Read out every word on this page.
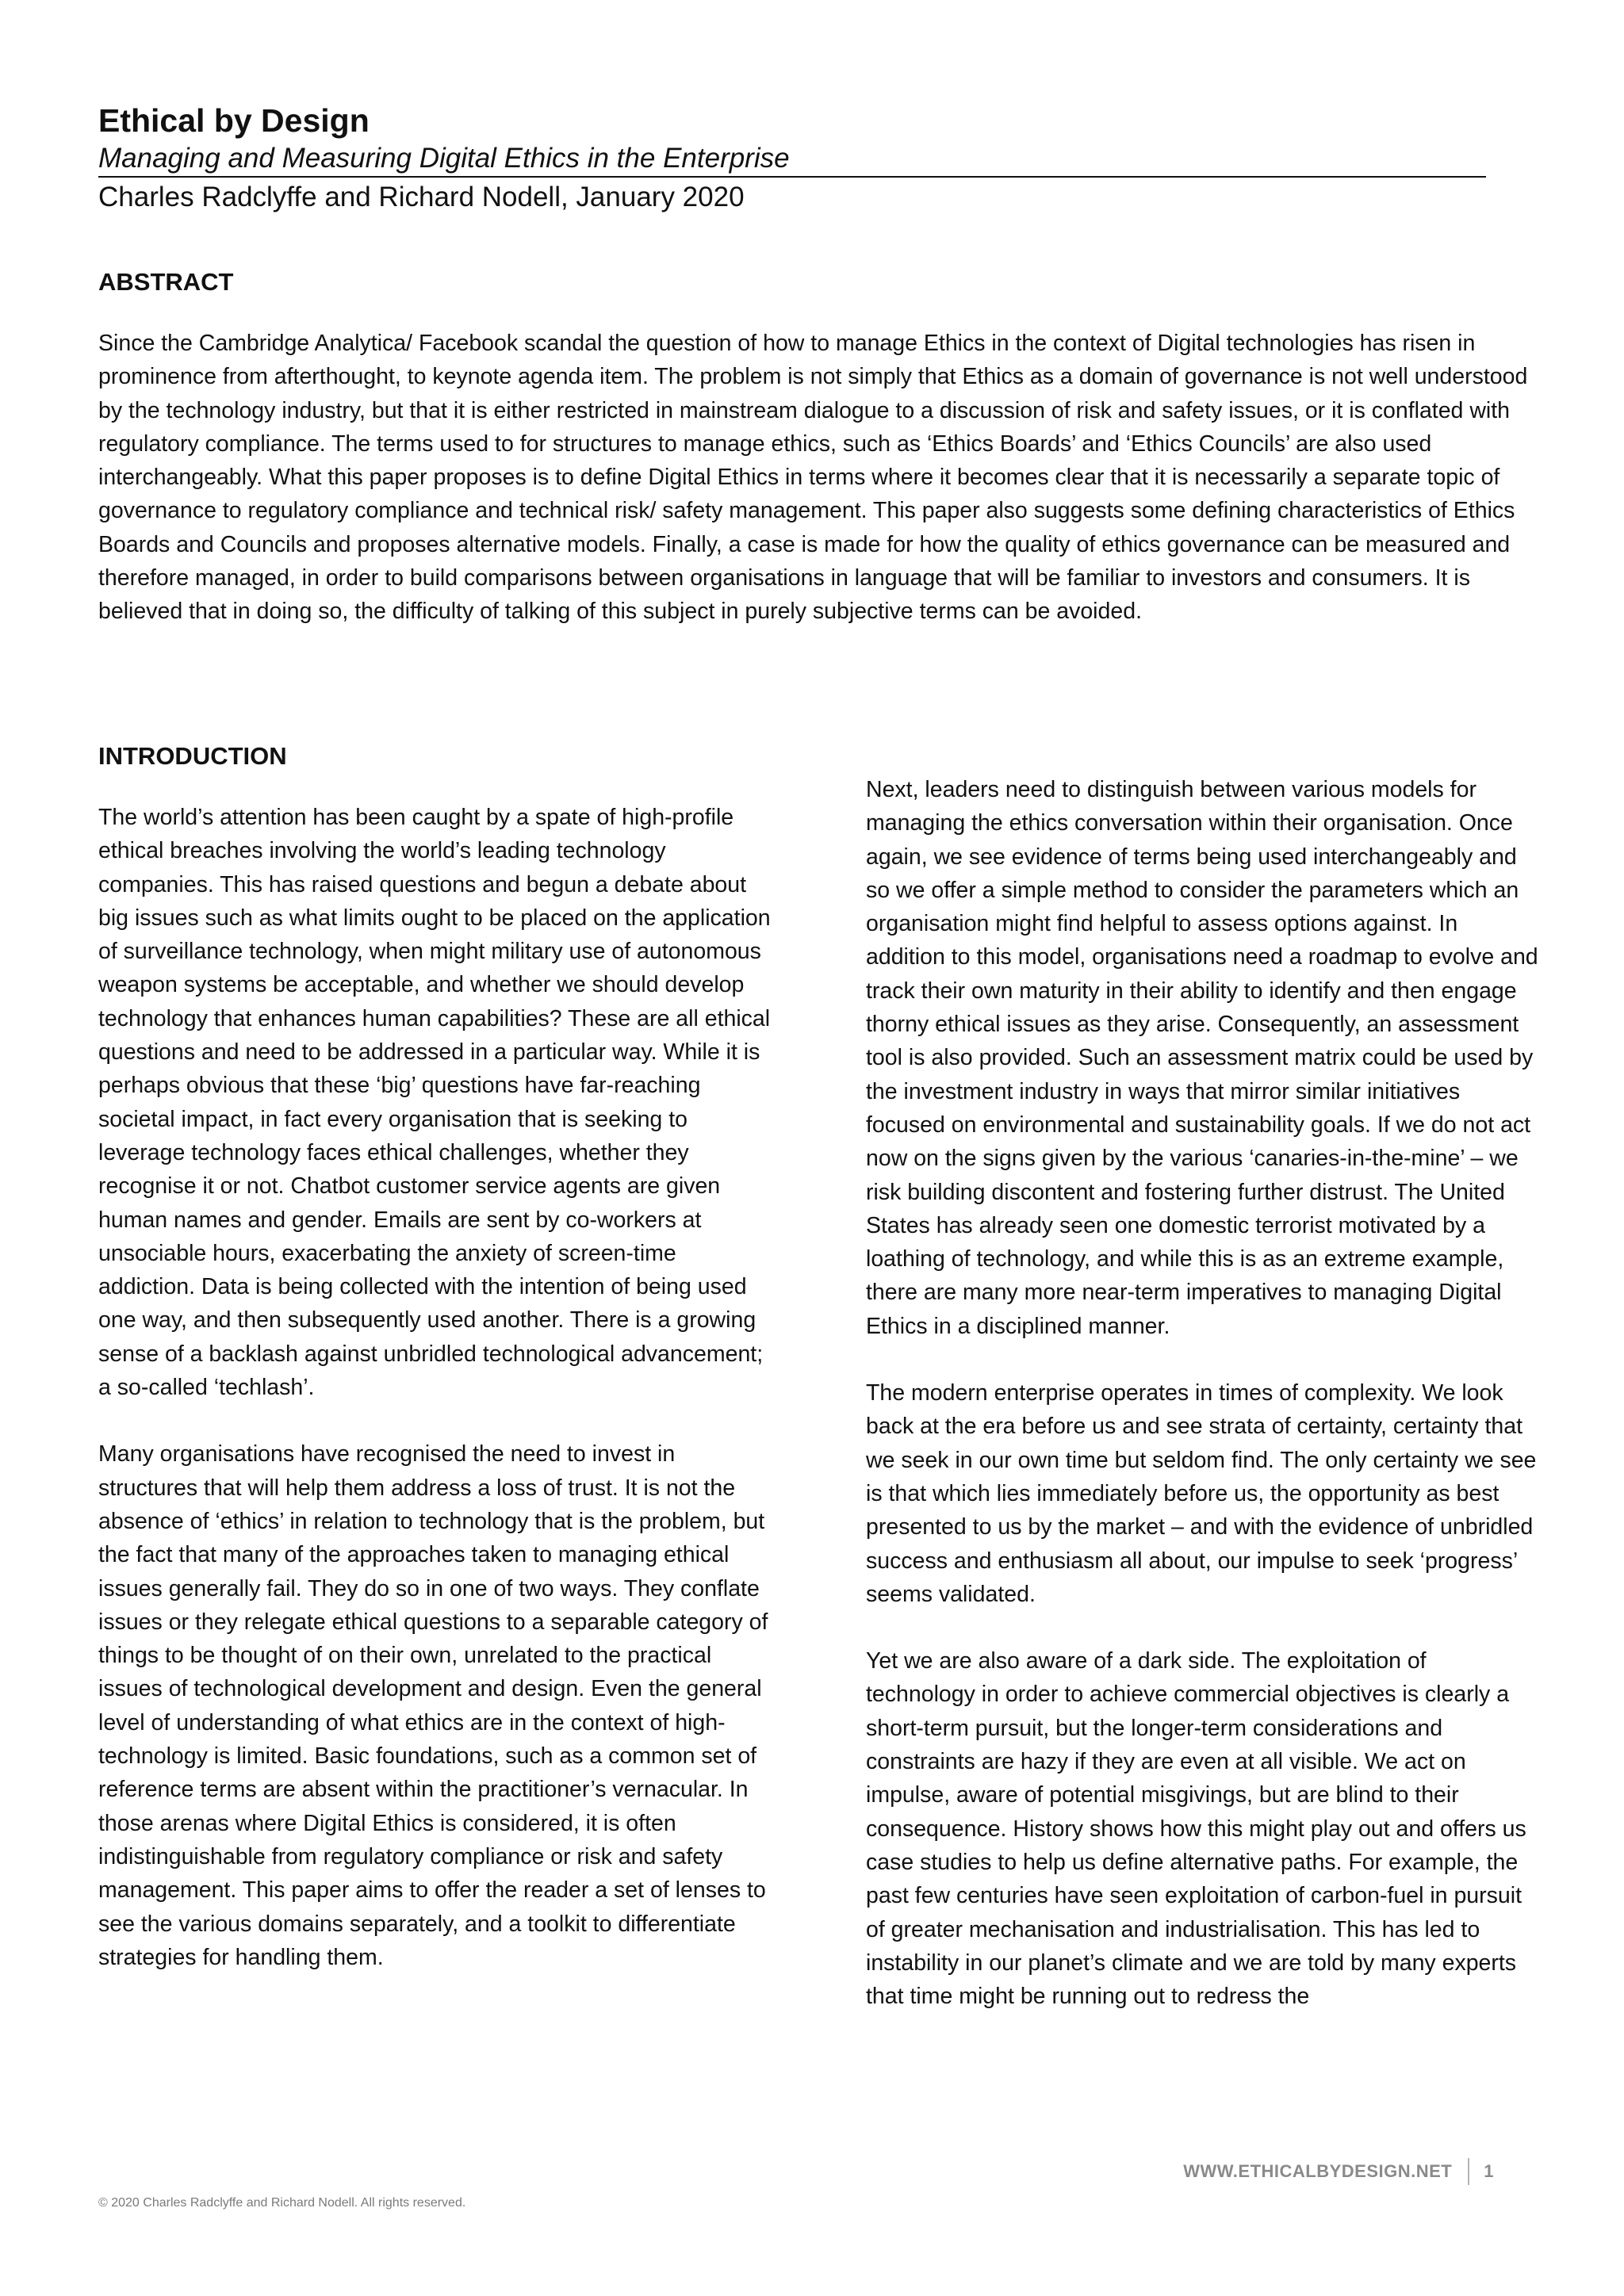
Ethical by Design

Managing and Measuring Digital Ethics in the Enterprise

Charles Radclyffe and Richard Nodell, January 2020
ABSTRACT

Since the Cambridge Analytica/ Facebook scandal the question of how to manage Ethics in the context of Digital technologies has risen in prominence from afterthought, to keynote agenda item. The problem is not simply that Ethics as a domain of governance is not well understood by the technology industry, but that it is either restricted in mainstream dialogue to a discussion of risk and safety issues, or it is conflated with regulatory compliance. The terms used to for structures to manage ethics, such as ‘Ethics Boards’ and ‘Ethics Councils’ are also used interchangeably. What this paper proposes is to define Digital Ethics in terms where it becomes clear that it is necessarily a separate topic of governance to regulatory compliance and technical risk/ safety management. This paper also suggests some defining characteristics of Ethics Boards and Councils and proposes alternative models. Finally, a case is made for how the quality of ethics governance can be measured and therefore managed, in order to build comparisons between organisations in language that will be familiar to investors and consumers. It is believed that in doing so, the difficulty of talking of this subject in purely subjective terms can be avoided.

INTRODUCTION

The world’s attention has been caught by a spate of high-profile ethical breaches involving the world’s leading technology companies. This has raised questions and begun a debate about big issues such as what limits ought to be placed on the application of surveillance technology, when might military use of autonomous weapon systems be acceptable, and whether we should develop technology that enhances human capabilities? These are all ethical questions and need to be addressed in a particular way. While it is perhaps obvious that these ‘big’ questions have far-reaching societal impact, in fact every organisation that is seeking to leverage technology faces ethical challenges, whether they recognise it or not. Chatbot customer service agents are given human names and gender. Emails are sent by co-workers at unsociable hours, exacerbating the anxiety of screen-time addiction. Data is being collected with the intention of being used one way, and then subsequently used another. There is a growing sense of a backlash against unbridled technological advancement; a so-called ‘techlash’.

Many organisations have recognised the need to invest in structures that will help them address a loss of trust. It is not the absence of ‘ethics’ in relation to technology that is the problem, but the fact that many of the approaches taken to managing ethical issues generally fail. They do so in one of two ways. They conflate issues or they relegate ethical questions to a separable category of things to be thought of on their own, unrelated to the practical issues of technological development and design. Even the general level of understanding of what ethics are in the context of high-technology is limited. Basic foundations, such as a common set of reference terms are absent within the practitioner’s vernacular. In those arenas where Digital Ethics is considered, it is often indistinguishable from regulatory compliance or risk and safety management. This paper aims to offer the reader a set of lenses to see the various domains separately, and a toolkit to differentiate strategies for handling them.

Next, leaders need to distinguish between various models for managing the ethics conversation within their organisation. Once again, we see evidence of terms being used interchangeably and so we offer a simple method to consider the parameters which an organisation might find helpful to assess options against. In addition to this model, organisations need a roadmap to evolve and track their own maturity in their ability to identify and then engage thorny ethical issues as they arise. Consequently, an assessment tool is also provided. Such an assessment matrix could be used by the investment industry in ways that mirror similar initiatives focused on environmental and sustainability goals. If we do not act now on the signs given by the various ‘canaries-in-the-mine’ – we risk building discontent and fostering further distrust. The United States has already seen one domestic terrorist motivated by a loathing of technology, and while this is as an extreme example, there are many more near-term imperatives to managing Digital Ethics in a disciplined manner.

The modern enterprise operates in times of complexity. We look back at the era before us and see strata of certainty, certainty that we seek in our own time but seldom find. The only certainty we see is that which lies immediately before us, the opportunity as best presented to us by the market – and with the evidence of unbridled success and enthusiasm all about, our impulse to seek ‘progress’ seems validated.

Yet we are also aware of a dark side. The exploitation of technology in order to achieve commercial objectives is clearly a short-term pursuit, but the longer-term considerations and constraints are hazy if they are even at all visible. We act on impulse, aware of potential misgivings, but are blind to their consequence. History shows how this might play out and offers us case studies to help us define alternative paths. For example, the past few centuries have seen exploitation of carbon-fuel in pursuit of greater mechanisation and industrialisation. This has led to instability in our planet’s climate and we are told by many experts that time might be running out to redress the

WWW.ETHICALBYDESIGN.NET 1
© 2020 Charles Radclyffe and Richard Nodell. All rights reserved.
